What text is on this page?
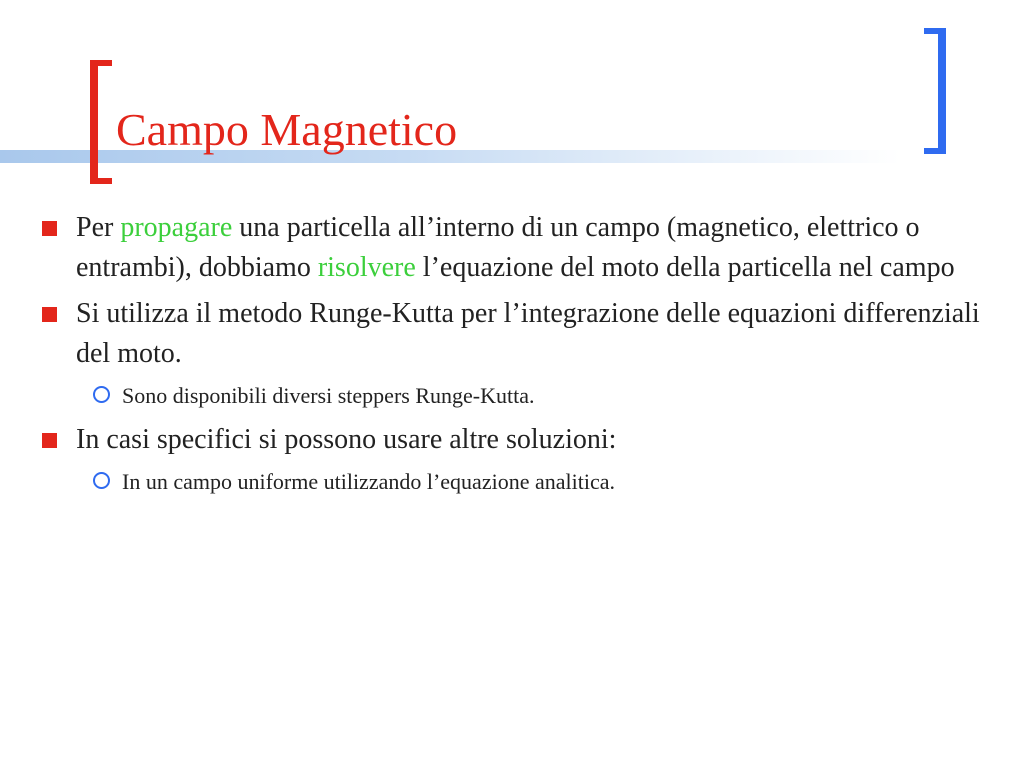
Campo Magnetico
Per propagare una particella all’interno di un campo (magnetico, elettrico o entrambi), dobbiamo risolvere l’equazione del moto della particella nel campo
Si utilizza il metodo Runge-Kutta per l’integrazione delle equazioni differenziali del moto.
Sono disponibili diversi steppers Runge-Kutta.
In casi specifici si possono usare altre soluzioni:
In un campo uniforme utilizzando l’equazione analitica.
